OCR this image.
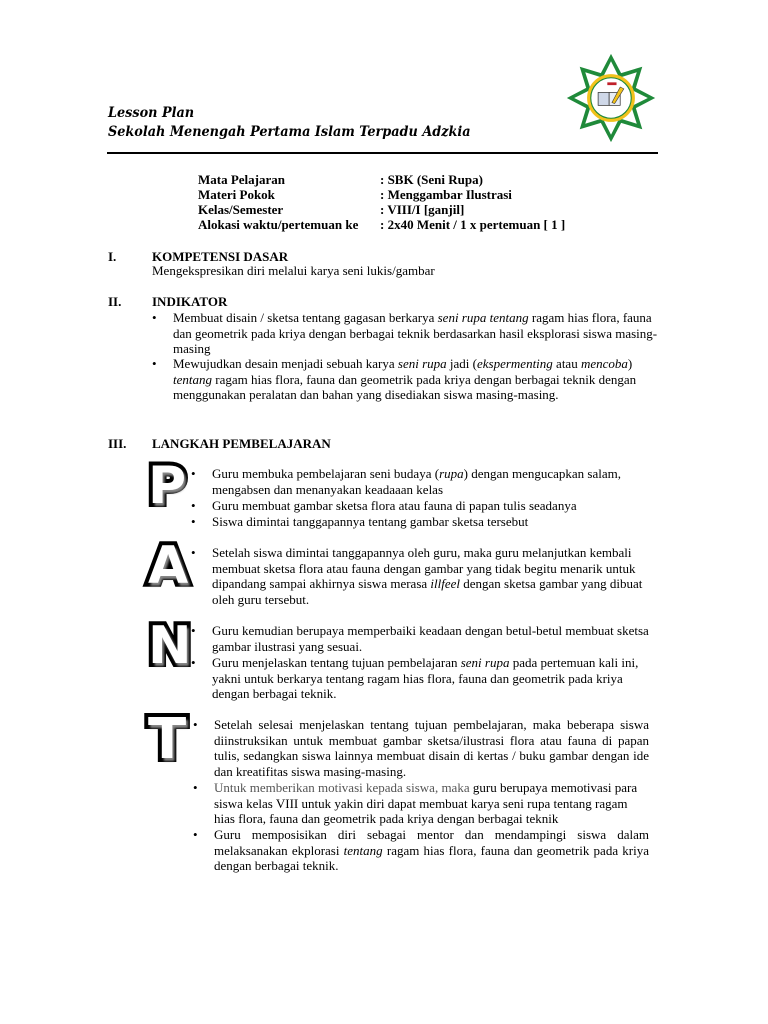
Lesson Plan
Sekolah Menengah Pertama Islam Terpadu Adzkia
Mata Pelajaran	: SBK (Seni Rupa)
Materi Pokok	: Menggambar Ilustrasi
Kelas/Semester	: VIII/I [ganjil]
Alokasi waktu/pertemuan ke : 2x40 Menit / 1 x pertemuan [ 1 ]
I.	KOMPETENSI DASAR
Mengekspresikan diri melalui karya seni lukis/gambar
II. INDIKATOR
• Membuat disain / sketsa tentang gagasan berkarya seni rupa tentang ragam hias flora, fauna dan geometrik pada kriya dengan berbagai teknik berdasarkan hasil eksplorasi siswa masing-masing
• Mewujudkan desain menjadi sebuah karya seni rupa jadi (ekspermenting atau mencoba) tentang ragam hias flora, fauna dan geometrik pada kriya dengan berbagai teknik dengan menggunakan peralatan dan bahan yang disediakan siswa masing-masing.
III. LANGKAH PEMBELAJARAN
P • Guru membuka pembelajaran seni budaya (rupa) dengan mengucapkan salam, mengabsen dan menanyakan keadaaan kelas
• Guru membuat gambar sketsa flora atau fauna di papan tulis seadanya
• Siswa dimintai tanggapannya tentang gambar sketsa tersebut
A • Setelah siswa dimintai tanggapannya oleh guru, maka guru melanjutkan kembali membuat sketsa flora atau fauna dengan gambar yang tidak begitu menarik untuk dipandang sampai akhirnya siswa merasa illfeel dengan sketsa gambar yang dibuat oleh guru tersebut.
N • Guru kemudian berupaya memperbaiki keadaan dengan betul-betul membuat sketsa gambar ilustrasi yang sesuai.
• Guru menjelaskan tentang tujuan pembelajaran seni rupa pada pertemuan kali ini, yakni untuk berkarya tentang ragam hias flora, fauna dan geometrik pada kriya dengan berbagai teknik.
T • Setelah selesai menjelaskan tentang tujuan pembelajaran, maka beberapa siswa diinstruksikan untuk membuat gambar sketsa/ilustrasi flora atau fauna di papan tulis, sedangkan siswa lainnya membuat disain di kertas / buku gambar dengan ide dan kreatifitas siswa masing-masing.
• Untuk memberikan motivasi kepada siswa, maka guru berupaya memotivasi para siswa kelas VIII untuk yakin diri dapat membuat karya seni rupa tentang ragam hias flora, fauna dan geometrik pada kriya dengan berbagai teknik
• Guru memposisikan diri sebagai mentor dan mendampingi siswa dalam melaksanakan ekplorasi tentang ragam hias flora, fauna dan geometrik pada kriya dengan berbagai teknik.
